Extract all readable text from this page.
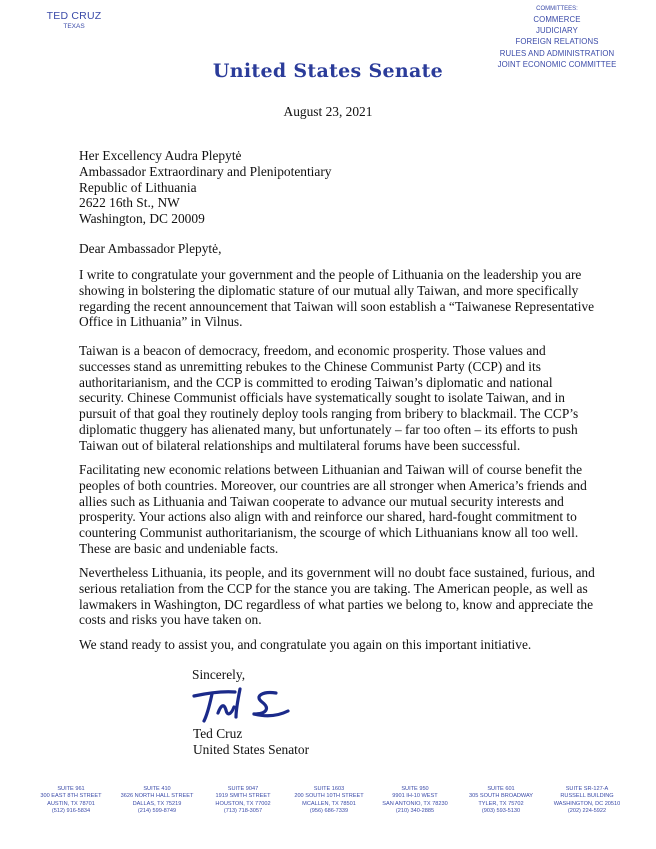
TED CRUZ
TEXAS
COMMITTEES:
COMMERCE
JUDICIARY
FOREIGN RELATIONS
RULES AND ADMINISTRATION
JOINT ECONOMIC COMMITTEE
United States Senate
August 23, 2021
Her Excellency Audra Plepytė
Ambassador Extraordinary and Plenipotentiary
Republic of Lithuania
2622 16th St., NW
Washington, DC 20009
Dear Ambassador Plepytė,
I write to congratulate your government and the people of Lithuania on the leadership you are
showing in bolstering the diplomatic stature of our mutual ally Taiwan, and more specifically
regarding the recent announcement that Taiwan will soon establish a “Taiwanese Representative
Office in Lithuania” in Vilnus.
Taiwan is a beacon of democracy, freedom, and economic prosperity. Those values and
successes stand as unremitting rebukes to the Chinese Communist Party (CCP) and its
authoritarianism, and the CCP is committed to eroding Taiwan’s diplomatic and national
security. Chinese Communist officials have systematically sought to isolate Taiwan, and in
pursuit of that goal they routinely deploy tools ranging from bribery to blackmail. The CCP’s
diplomatic thuggery has alienated many, but unfortunately – far too often – its efforts to push
Taiwan out of bilateral relationships and multilateral forums have been successful.
Facilitating new economic relations between Lithuanian and Taiwan will of course benefit the
peoples of both countries. Moreover, our countries are all stronger when America’s friends and
allies such as Lithuania and Taiwan cooperate to advance our mutual security interests and
prosperity. Your actions also align with and reinforce our shared, hard-fought commitment to
countering Communist authoritarianism, the scourge of which Lithuanians know all too well.
These are basic and undeniable facts.
Nevertheless Lithuania, its people, and its government will no doubt face sustained, furious, and
serious retaliation from the CCP for the stance you are taking. The American people, as well as
lawmakers in Washington, DC regardless of what parties we belong to, know and appreciate the
costs and risks you have taken on.
We stand ready to assist you, and congratulate you again on this important initiative.
Sincerely,
Ted Cruz
United States Senator
SUITE 961
300 EAST 8TH STREET
AUSTIN, TX 78701
(512) 916-5834
SUITE 410
3626 NORTH HALL STREET
DALLAS, TX 75219
(214) 599-8749
SUITE 9047
1919 SMITH STREET
HOUSTON, TX 77002
(713) 718-3057
SUITE 1603
200 SOUTH 10TH STREET
MCALLEN, TX 78501
(956) 686-7339
SUITE 950
9901 IH-10 WEST
SAN ANTONIO, TX 78230
(210) 340-2885
SUITE 601
305 SOUTH BROADWAY
TYLER, TX 75702
(903) 593-5130
SUITE SR-127-A
RUSSELL BUILDING
WASHINGTON, DC 20510
(202) 224-5922
